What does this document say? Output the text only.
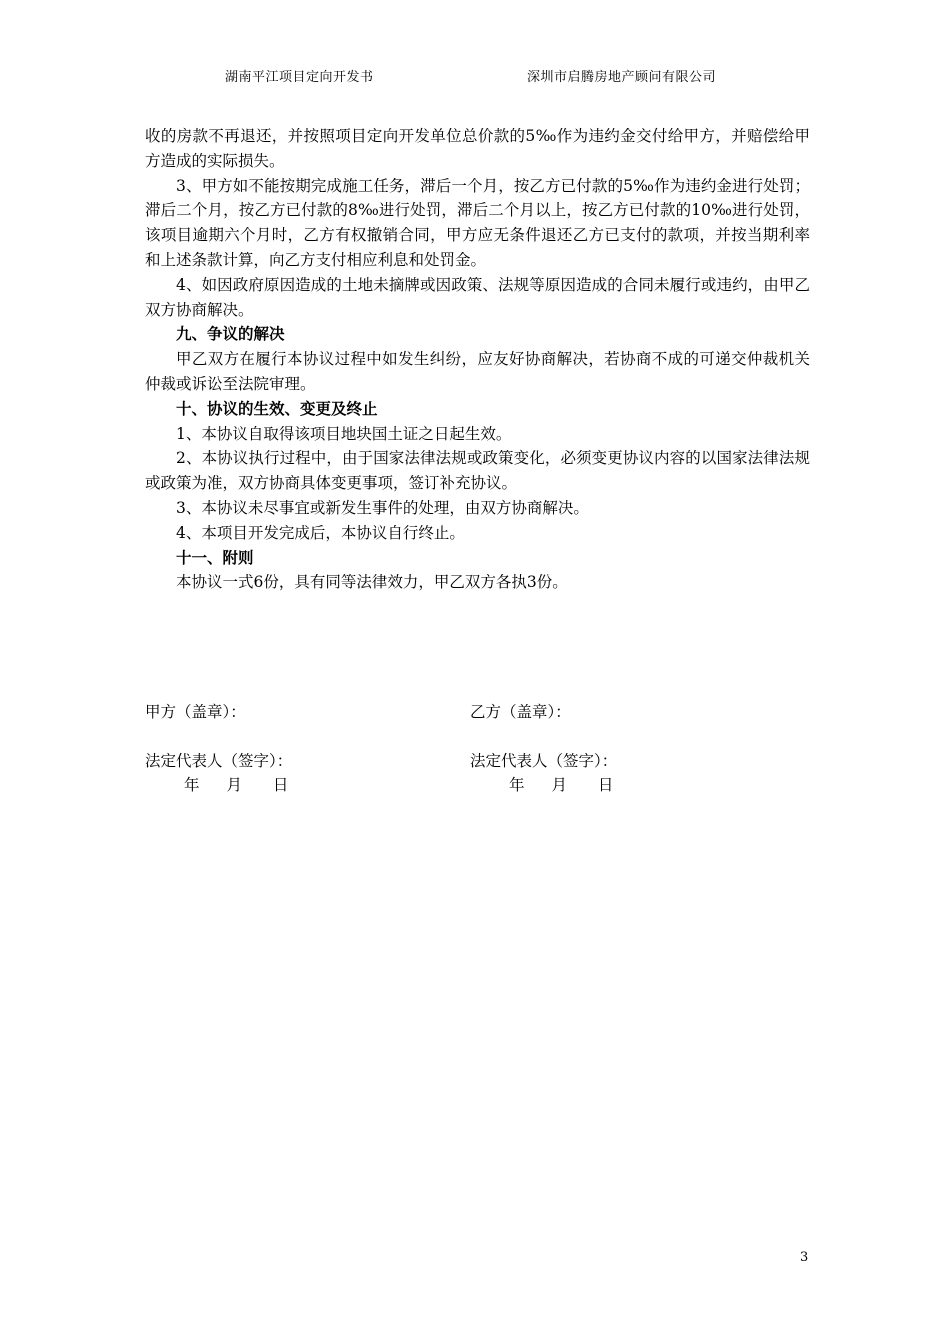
湖南平江项目定向开发书	深圳市启腾房地产顾问有限公司

收的房款不再退还，并按照项目定向开发单位总价款的5‰作为违约金交付给甲方，并赔偿给甲方造成的实际损失。

3、甲方如不能按期完成施工任务，滞后一个月，按乙方已付款的5‰作为违约金进行处罚；滞后二个月，按乙方已付款的8‰进行处罚，滞后二个月以上，按乙方已付款的10‰进行处罚，该项目逾期六个月时，乙方有权撤销合同，甲方应无条件退还乙方已支付的款项，并按当期利率和上述条款计算，向乙方支付相应利息和处罚金。

4、如因政府原因造成的土地未摘牌或因政策、法规等原因造成的合同未履行或违约，由甲乙双方协商解决。

九、争议的解决

甲乙双方在履行本协议过程中如发生纠纷，应友好协商解决，若协商不成的可递交仲裁机关仲裁或诉讼至法院审理。

十、协议的生效、变更及终止

1、本协议自取得该项目地块国土证之日起生效。

2、本协议执行过程中，由于国家法律法规或政策变化，必须变更协议内容的以国家法律法规或政策为准，双方协商具体变更事项，签订补充协议。

3、本协议未尽事宜或新发生事件的处理，由双方协商解决。

4、本项目开发完成后，本协议自行终止。

十一、附则

本协议一式6份，具有同等法律效力，甲乙双方各执3份。

甲方（盖章）：	乙方（盖章）：
法定代表人（签字）：	法定代表人（签字）：
年 月 日	年 月 日
3
